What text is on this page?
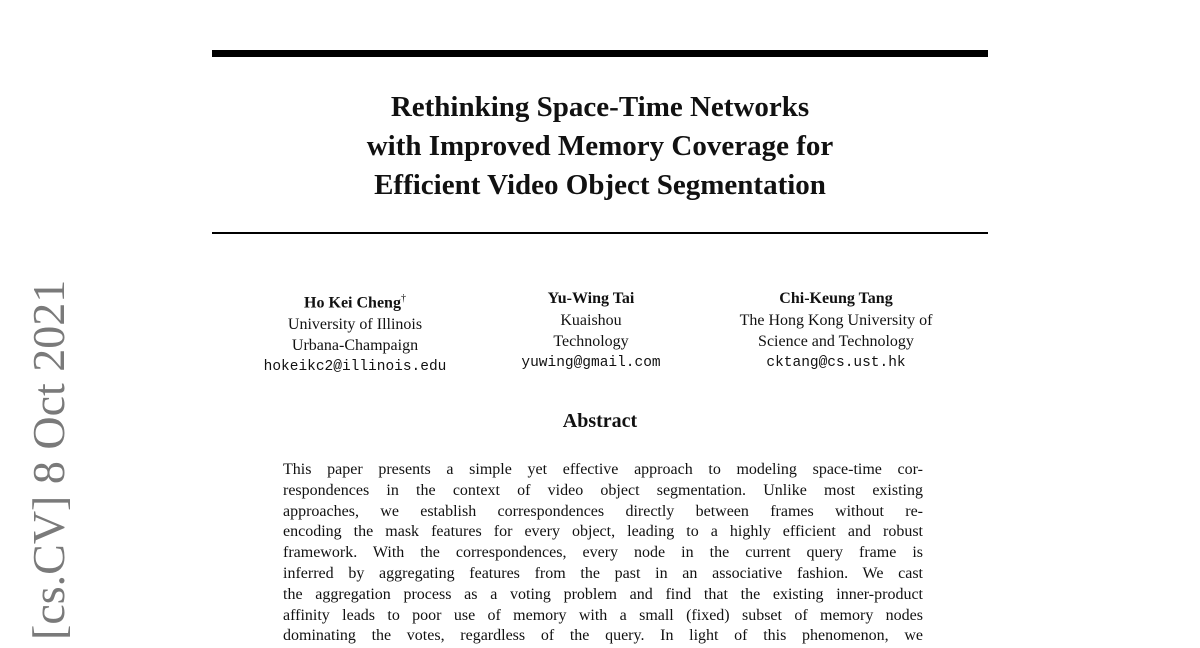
Rethinking Space-Time Networks
with Improved Memory Coverage for
Efficient Video Object Segmentation
Ho Kei Cheng†
University of Illinois
Urbana-Champaign
hokeikc2@illinois.edu
Yu-Wing Tai
Kuaishou
Technology
yuwing@gmail.com
Chi-Keung Tang
The Hong Kong University of
Science and Technology
cktang@cs.ust.hk
Abstract
This paper presents a simple yet effective approach to modeling space-time cor-
respondences in the context of video object segmentation. Unlike most existing
approaches, we establish correspondences directly between frames without re-
encoding the mask features for every object, leading to a highly efficient and robust
framework. With the correspondences, every node in the current query frame is
inferred by aggregating features from the past in an associative fashion. We cast
the aggregation process as a voting problem and find that the existing inner-product
affinity leads to poor use of memory with a small (fixed) subset of memory nodes
dominating the votes, regardless of the query. In light of this phenomenon, we
[cs.CV] 8 Oct 2021
